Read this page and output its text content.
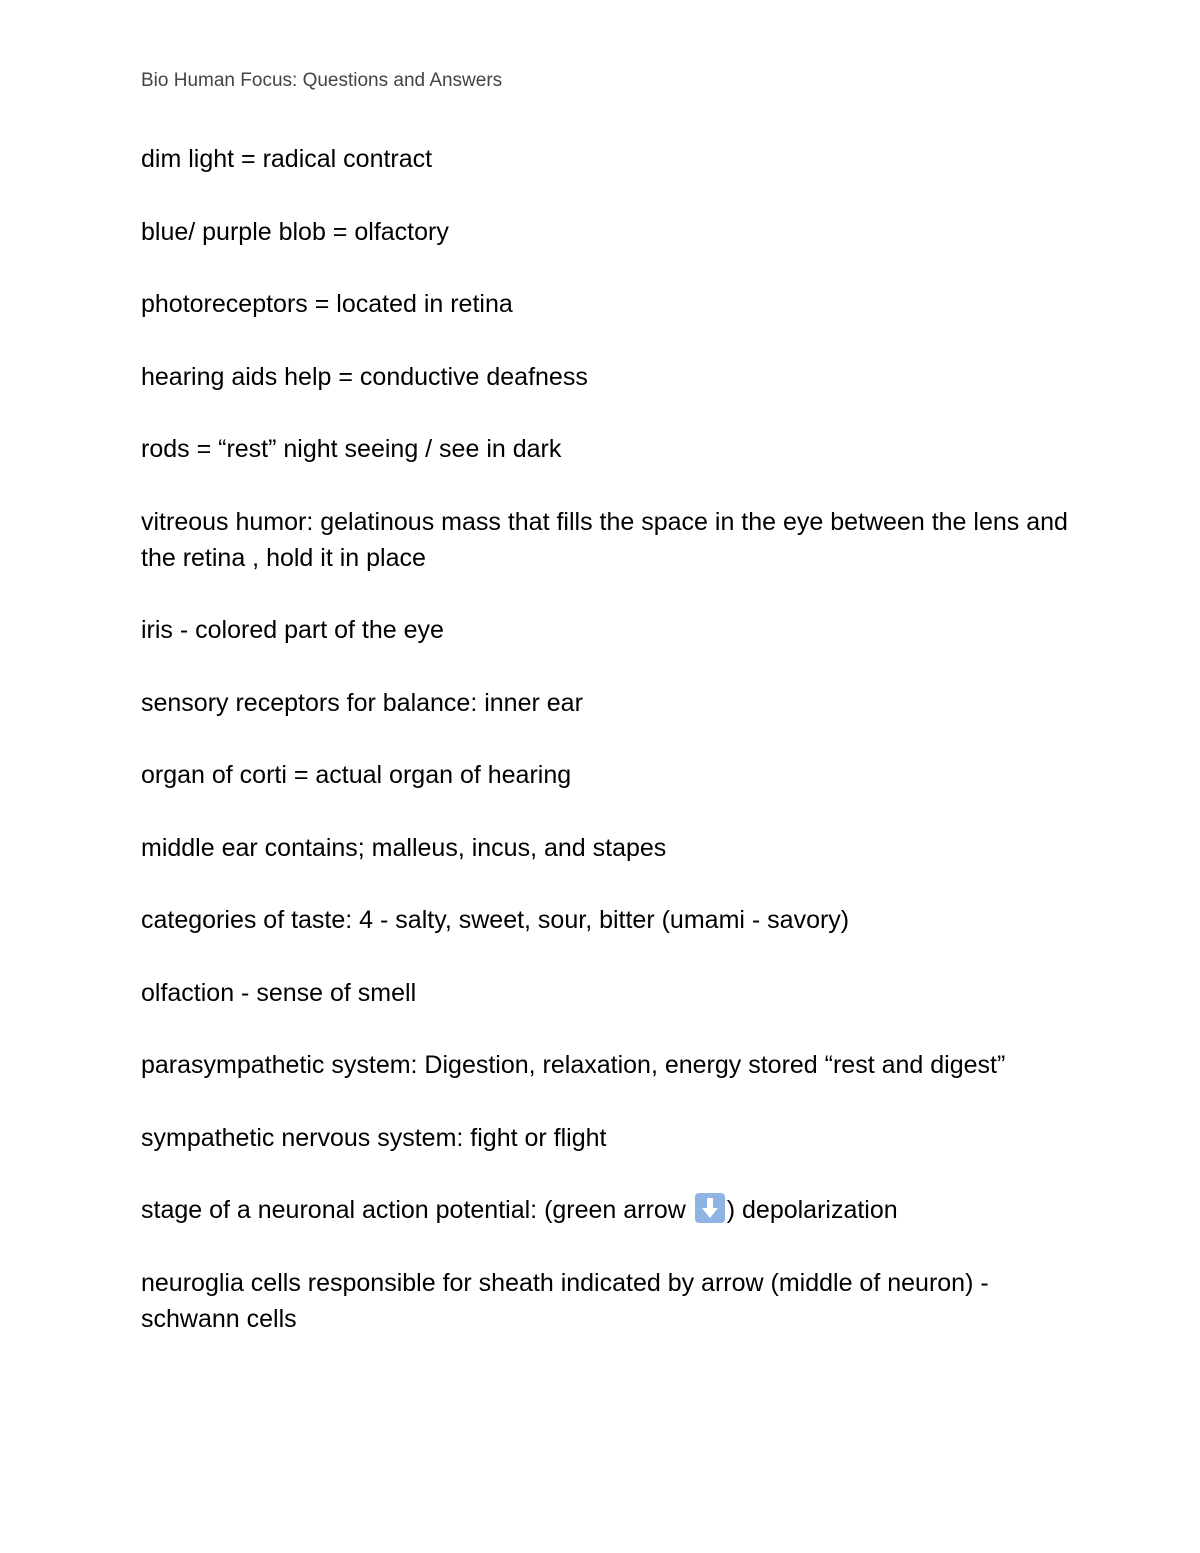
Bio Human Focus: Questions and Answers

dim light = radical contract

blue/ purple blob = olfactory

photoreceptors = located in retina

hearing aids help = conductive deafness

rods = “rest” night seeing / see in dark

vitreous humor: gelatinous mass that fills the space in the eye between the lens and the retina , hold it in place

iris - colored part of the eye

sensory receptors for balance: inner ear

organ of corti = actual organ of hearing

middle ear contains; malleus, incus, and stapes

categories of taste: 4 - salty, sweet, sour, bitter (umami - savory)

olfaction - sense of smell

parasympathetic system: Digestion, relaxation, energy stored “rest and digest”

sympathetic nervous system: fight or flight

stage of a neuronal action potential: (green arrow
) depolarization

neuroglia cells responsible for sheath indicated by arrow (middle of neuron) - schwann cells
